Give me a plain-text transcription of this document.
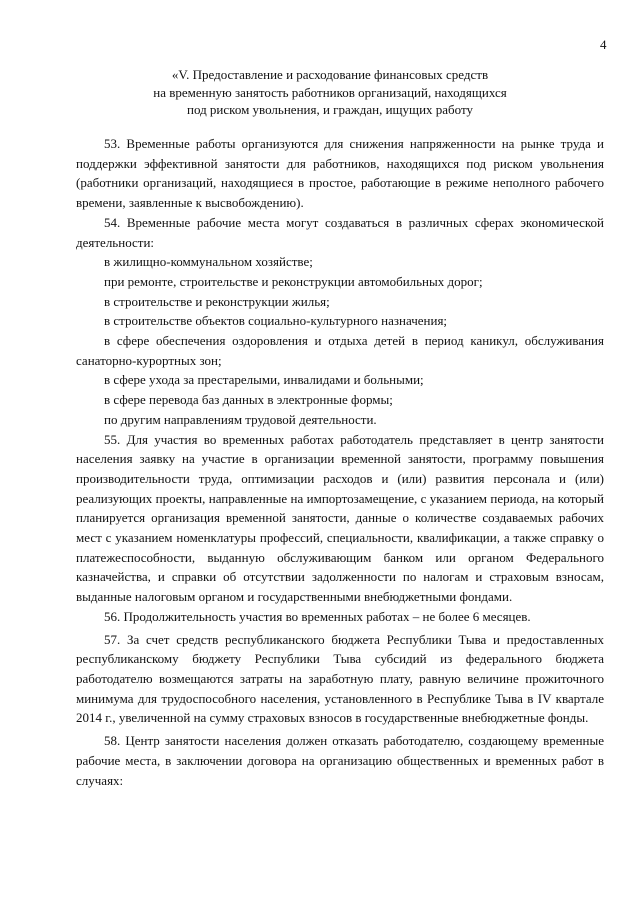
4
«V. Предоставление и расходование финансовых средств
на временную занятость работников организаций, находящихся
под риском увольнения, и граждан, ищущих работу

53. Временные работы организуются для снижения напряженности на рынке труда и поддержки эффективной занятости для работников, находящихся под риском увольнения (работники организаций, находящиеся в простое, работающие в режиме неполного рабочего времени, заявленные к высвобождению).

54. Временные рабочие места могут создаваться в различных сферах экономической деятельности:

в жилищно-коммунальном хозяйстве;

при ремонте, строительстве и реконструкции автомобильных дорог;

в строительстве и реконструкции жилья;

в строительстве объектов социально-культурного назначения;

в сфере обеспечения оздоровления и отдыха детей в период каникул, обслуживания санаторно-курортных зон;

в сфере ухода за престарелыми, инвалидами и больными;

в сфере перевода баз данных в электронные формы;

по другим направлениям трудовой деятельности.

55. Для участия во временных работах работодатель представляет в центр занятости населения заявку на участие в организации временной занятости, программу повышения производительности труда, оптимизации расходов и (или) развития персонала и (или) реализующих проекты, направленные на импортозамещение, с указанием периода, на который планируется организация временной занятости, данные о количестве создаваемых рабочих мест с указанием номенклатуры профессий, специальности, квалификации, а также справку о платежеспособности, выданную обслуживающим банком или органом Федерального казначейства, и справки об отсутствии задолженности по налогам и страховым взносам, выданные налоговым органом и государственными внебюджетными фондами.

56. Продолжительность участия во временных работах – не более 6 месяцев.

57. За счет средств республиканского бюджета Республики Тыва и предоставленных республиканскому бюджету Республики Тыва субсидий из федерального бюджета работодателю возмещаются затраты на заработную плату, равную величине прожиточного минимума для трудоспособного населения, установленного в Республике Тыва в IV квартале 2014 г., увеличенной на сумму страховых взносов в государственные внебюджетные фонды.

58. Центр занятости населения должен отказать работодателю, создающему временные рабочие места, в заключении договора на организацию общественных и временных работ в случаях:
